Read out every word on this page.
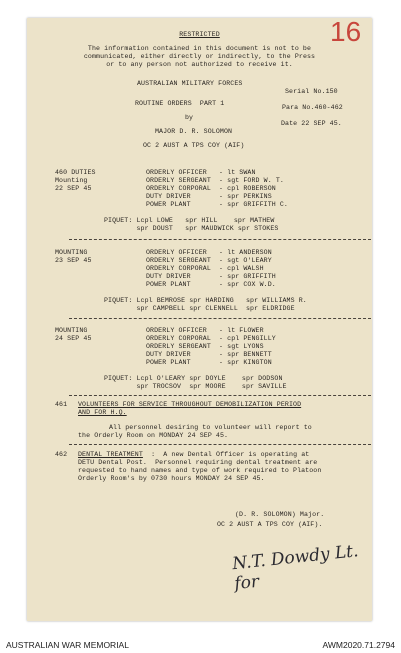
16
RESTRICTED
The information contained in this document is not to be
communicated, either directly or indirectly, to the Press
or to any person not authorized to receive it.
AUSTRALIAN MILITARY FORCES
Serial No.150
ROUTINE ORDERS  PART 1
Para No.460-462
by
Date 22 SEP 45.
MAJOR D. R. SOLOMON
OC 2 AUST A TPS COY (AIF)
460 DUTIES
Mounting
22 SEP 45
ORDERLY OFFICER   - lt SWAN
ORDERLY SERGEANT  - sgt FORD W. T.
ORDERLY CORPORAL  - cpl ROBERSON
DUTY DRIVER       - spr PERKINS
POWER PLANT       - spr GRIFFITH C.
PIQUET: Lcpl LOWE   spr HILL    spr MATHEW
spr DOUST   spr MAUDWICK spr STOKES
MOUNTING
23 SEP 45
ORDERLY OFFICER   - lt ANDERSON
ORDERLY SERGEANT  - sgt O'LEARY
ORDERLY CORPORAL  - cpl WALSH
DUTY DRIVER       - spr GRIFFITH
POWER PLANT       - spr COX W.D.
PIQUET: Lcpl BEMROSE spr HARDING   spr WILLIAMS R.
spr CAMPBELL spr CLENNELL  spr ELDRIDGE
MOUNTING
24 SEP 45
ORDERLY OFFICER   - lt FLOWER
ORDERLY CORPORAL  - cpl PENGILLY
ORDERLY SERGEANT  - sgt LYONS
DUTY DRIVER       - spr BENNETT
POWER PLANT       - spr KINGTON
PIQUET: Lcpl O'LEARY spr DOYLE    spr DODSON
spr TROCSOV  spr MOORE    spr SAVILLE
461 VOLUNTEERS FOR SERVICE THROUGHOUT DEMOBILIZATION PERIOD
AND FOR H.Q.
All personnel desiring to volunteer will report to
the Orderly Room on MONDAY 24 SEP 45.
462 DENTAL TREATMENT :  A new Dental Officer is operating at
DETU Dental Post.  Personnel requiring dental treatment are
requested to hand names and type of work required to Platoon
Orderly Room's by 0730 hours MONDAY 24 SEP 45.
(D. R. SOLOMON) Major.
OC 2 AUST A TPS COY (AIF).
N.T. Dowdy Lt. for
AUSTRALIAN WAR MEMORIAL	AWM2020.71.2794
